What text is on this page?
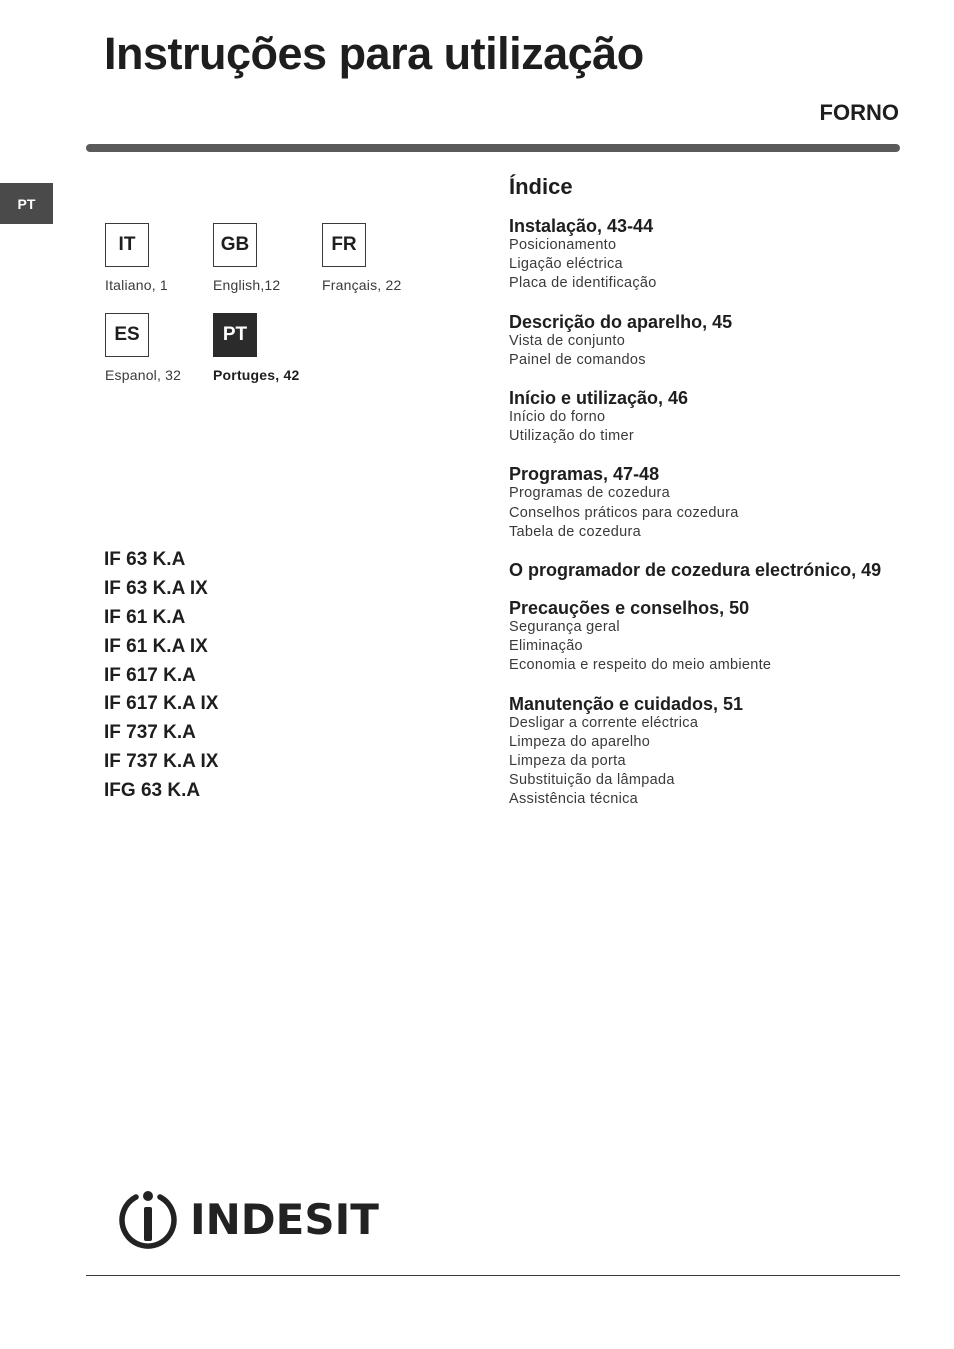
Instruções para utilização
FORNO
PT
IT
Italiano, 1
GB
English,12
FR
Français, 22
ES
Espanol, 32
PT
Portuges, 42
IF 63 K.A
IF 63 K.A IX
IF 61 K.A
IF 61 K.A IX
IF 617 K.A
IF 617 K.A IX
IF 737 K.A
IF 737 K.A IX
IFG 63 K.A
Índice
Instalação, 43-44
Posicionamento
Ligação eléctrica
Placa de identificação
Descrição do aparelho, 45
Vista de conjunto
Painel de comandos
Início e utilização, 46
Início do forno
Utilização do timer
Programas, 47-48
Programas de cozedura
Conselhos práticos para cozedura
Tabela de cozedura
O programador de cozedura electrónico, 49
Precauções e conselhos, 50
Segurança geral
Eliminação
Economia e respeito do meio ambiente
Manutenção e cuidados, 51
Desligar a corrente eléctrica
Limpeza do aparelho
Limpeza da porta
Substituição da lâmpada
Assistência técnica
INDESIT
